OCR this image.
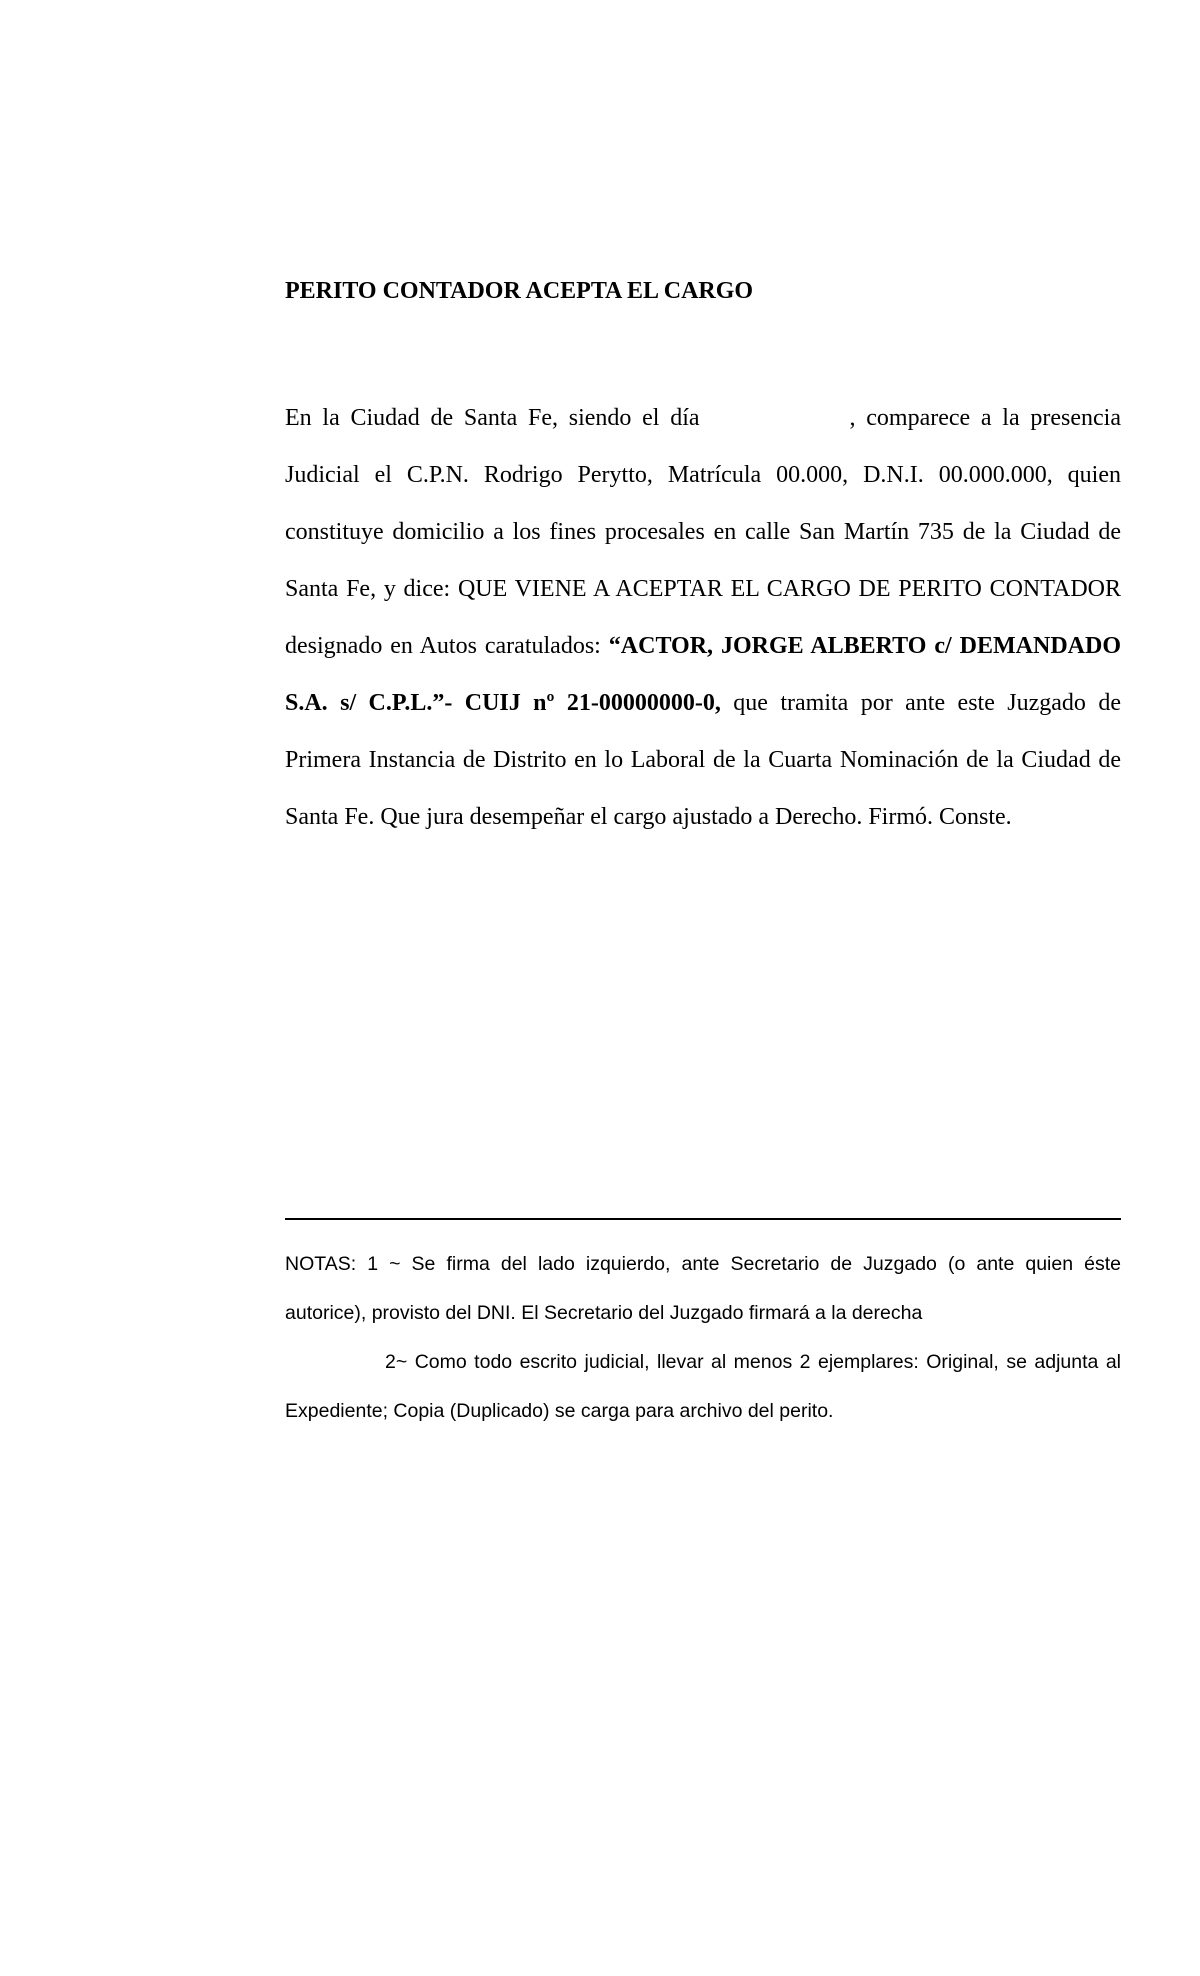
PERITO CONTADOR ACEPTA EL CARGO

En la Ciudad de Santa Fe, siendo el día	, comparece a la presencia Judicial el C.P.N. Rodrigo Perytto, Matrícula 00.000, D.N.I. 00.000.000, quien constituye domicilio a los fines procesales en calle San Martín 735 de la Ciudad de Santa Fe, y dice: QUE VIENE A ACEPTAR EL CARGO DE PERITO CONTADOR designado en Autos caratulados: “ACTOR, JORGE ALBERTO c/ DEMANDADO S.A. s/ C.P.L.”- CUIJ nº 21-00000000-0, que tramita por ante este Juzgado de Primera Instancia de Distrito en lo Laboral de la Cuarta Nominación de la Ciudad de Santa Fe. Que jura desempeñar el cargo ajustado a Derecho. Firmó. Conste.

NOTAS: 1 ~ Se firma del lado izquierdo, ante Secretario de Juzgado (o ante quien éste autorice), provisto del DNI. El Secretario del Juzgado firmará a la derecha

2~ Como todo escrito judicial, llevar al menos 2 ejemplares: Original, se adjunta al Expediente; Copia (Duplicado) se carga para archivo del perito.
